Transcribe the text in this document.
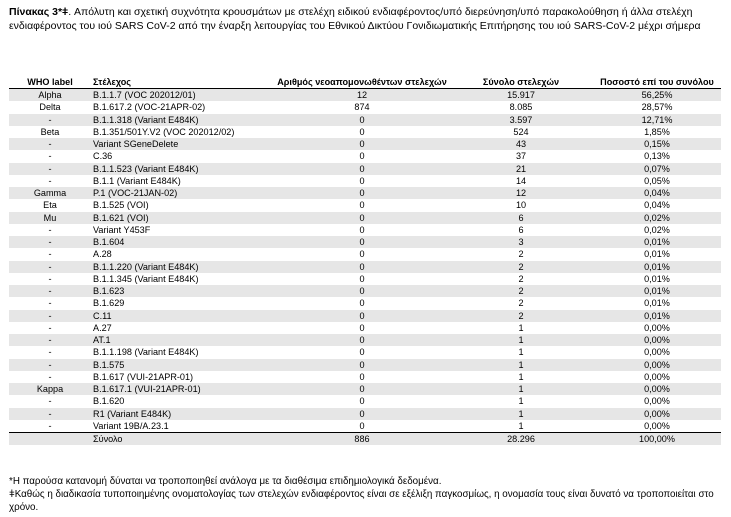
Πίνακας 3*ǂ. Απόλυτη και σχετική συχνότητα κρουσμάτων με στελέχη ειδικού ενδιαφέροντος/υπό διερεύνηση/υπό παρακολούθηση ή άλλα στελέχη ενδιαφέροντος του ιού SARS CoV-2 από την έναρξη λειτουργίας του Εθνικού Δικτύου Γονιδιωματικής Επιτήρησης του ιού SARS-CoV-2 μέχρι σήμερα
WHO label	Στέλεχος	Αριθμός νεοαπομονωθέντων στελεχών	Σύνολο στελεχών	Ποσοστό επί του συνόλου
Alpha	B.1.1.7 (VOC 202012/01)	12	15.917	56,25%
Delta	B.1.617.2 (VOC-21APR-02)	874	8.085	28,57%
-	B.1.1.318 (Variant E484K)	0	3.597	12,71%
Beta	B.1.351/501Y.V2 (VOC 202012/02)	0	524	1,85%
-	Variant SGeneDelete	0	43	0,15%
-	C.36	0	37	0,13%
-	B.1.1.523 (Variant E484K)	0	21	0,07%
-	B.1.1 (Variant E484K)	0	14	0,05%
Gamma	P.1 (VOC-21JAN-02)	0	12	0,04%
Eta	B.1.525 (VOI)	0	10	0,04%
Mu	B.1.621 (VOI)	0	6	0,02%
-	Variant Y453F	0	6	0,02%
-	B.1.604	0	3	0,01%
-	A.28	0	2	0,01%
-	B.1.1.220 (Variant E484K)	0	2	0,01%
-	B.1.1.345 (Variant E484K)	0	2	0,01%
-	B.1.623	0	2	0,01%
-	B.1.629	0	2	0,01%
-	C.11	0	2	0,01%
-	A.27	0	1	0,00%
-	AT.1	0	1	0,00%
-	B.1.1.198 (Variant E484K)	0	1	0,00%
-	B.1.575	0	1	0,00%
-	B.1.617 (VUI-21APR-01)	0	1	0,00%
Kappa	B.1.617.1 (VUI-21APR-01)	0	1	0,00%
-	B.1.620	0	1	0,00%
-	R1 (Variant E484K)	0	1	0,00%
-	Variant 19B/A.23.1	0	1	0,00%
	Σύνολο	886	28.296	100,00%

*Η παρούσα κατανομή δύναται να τροποποιηθεί ανάλογα με τα διαθέσιμα επιδημιολογικά δεδομένα.

ǂΚαθώς η διαδικασία τυποποιημένης ονοματολογίας των στελεχών ενδιαφέροντος είναι σε εξέλιξη παγκοσμίως, η ονομασία τους είναι δυνατό να τροποποιείται στο χρόνο.
